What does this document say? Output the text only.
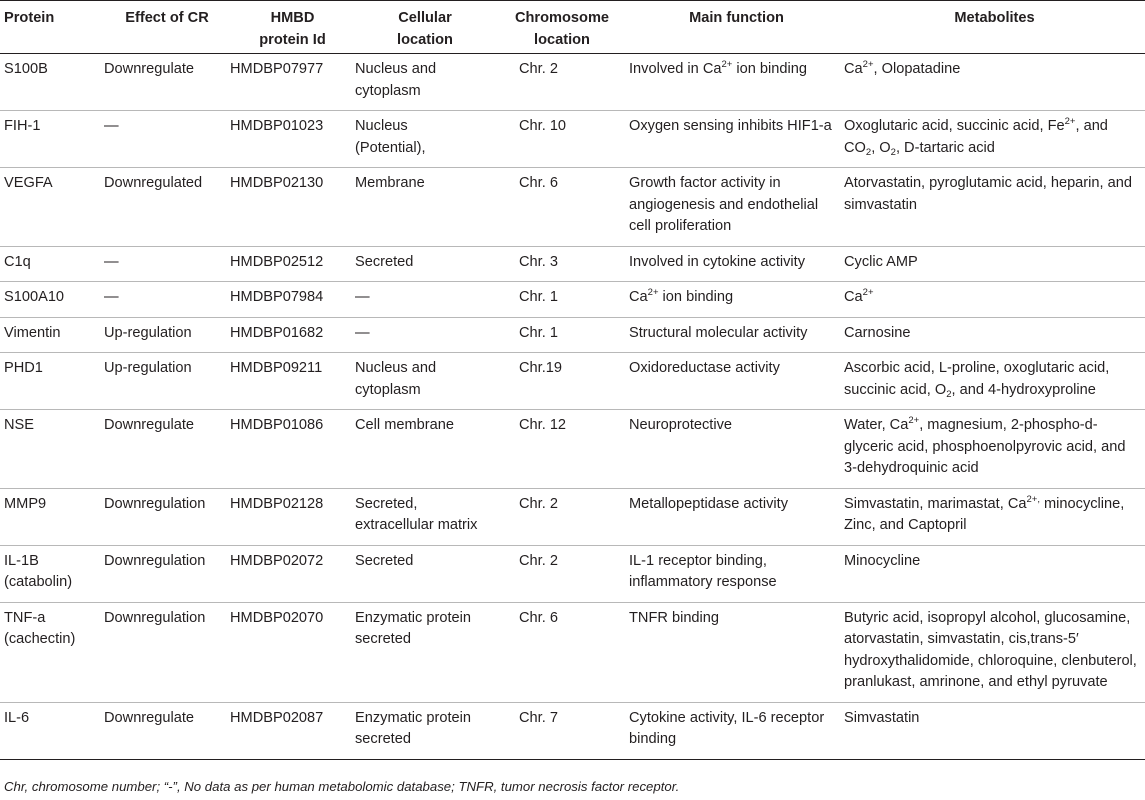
Protein	Effect of CR	HMBD protein Id	Cellular location	Chromosome location	Main function	Metabolites
S100B	Downregulate	HMDBP07977	Nucleus and cytoplasm	Chr. 2	Involved in $Ca^{2+}$ ion binding	$Ca^{2+}$, Olopatadine
FIH-1	—	HMDBP01023	Nucleus (Potential),	Chr. 10	Oxygen sensing inhibits HIF1-a	Oxoglutaric acid, succinic acid, $Fe^{2+}$, and $CO_2$, $O_2$, D-tartaric acid
VEGFA	Downregulated	HMDBP02130	Membrane	Chr. 6	Growth factor activity in angiogenesis and endothelial cell proliferation	Atorvastatin, pyroglutamic acid, heparin, and simvastatin
C1q	—	HMDBP02512	Secreted	Chr. 3	Involved in cytokine activity	Cyclic AMP
S100A10	—	HMDBP07984	—	Chr. 1	$Ca^{2+}$ ion binding	$Ca^{2+}$
Vimentin	Up-regulation	HMDBP01682	—	Chr. 1	Structural molecular activity	Carnosine
PHD1	Up-regulation	HMDBP09211	Nucleus and cytoplasm	Chr.19	Oxidoreductase activity	Ascorbic acid, L-proline, oxoglutaric acid, succinic acid, $O_2$, and 4-hydroxyproline
NSE	Downregulate	HMDBP01086	Cell membrane	Chr. 12	Neuroprotective	Water, $Ca^{2+}$, magnesium, 2-phospho-d-glyceric acid, phosphoenolpyrovic acid, and 3-dehydroquinic acid
MMP9	Downregulation	HMDBP02128	Secreted, extracellular matrix	Chr. 2	Metallopeptidase activity	Simvastatin, marimastat, $Ca^{2+,}$ minocycline, Zinc, and Captopril
IL-1B (catabolin)	Downregulation	HMDBP02072	Secreted	Chr. 2	IL-1 receptor binding, inflammatory response	Minocycline
TNF-a (cachectin)	Downregulation	HMDBP02070	Enzymatic protein secreted	Chr. 6	TNFR binding	Butyric acid, isopropyl alcohol, glucosamine, atorvastatin, simvastatin, cis,trans-5′ hydroxythalidomide, chloroquine, clenbuterol, pranlukast, amrinone, and ethyl pyruvate
IL-6	Downregulate	HMDBP02087	Enzymatic protein secreted	Chr. 7	Cytokine activity, IL-6 receptor binding	Simvastatin
Chr, chromosome number; “-”, No data as per human metabolomic database; TNFR, tumor necrosis factor receptor.
